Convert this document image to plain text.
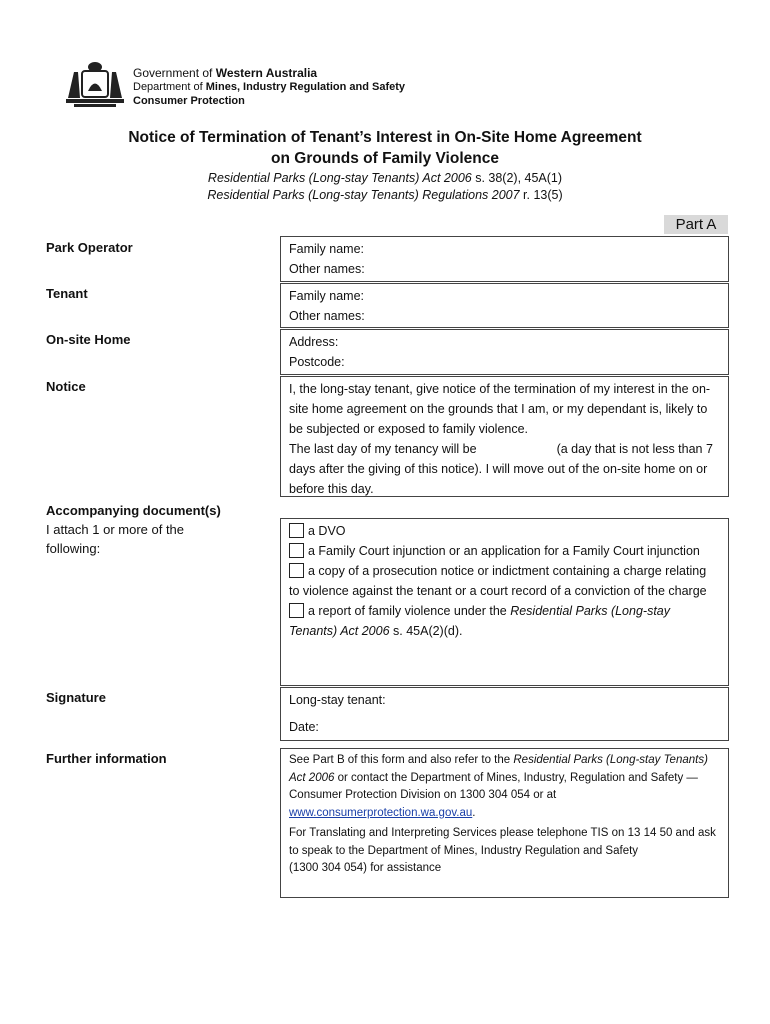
Government of Western Australia
Department of Mines, Industry Regulation and Safety
Consumer Protection
Notice of Termination of Tenant’s Interest in On-Site Home Agreement
on Grounds of Family Violence
Residential Parks (Long-stay Tenants) Act 2006 s. 38(2), 45A(1)
Residential Parks (Long-stay Tenants) Regulations 2007 r. 13(5)
Part A
Park Operator	Family name:

Other names:

Tenant	Family name:

Other names:

On-site Home	Address:

Postcode:

Notice	I, the long-stay tenant, give notice of the termination of my interest in the on-site home agreement on the grounds that I am, or my dependant is, likely to be subjected or exposed to family violence.

The last day of my tenancy will be	(a day that is not less than 7 days after the giving of this notice). I will move out of the on-site home on or before this day.

Accompanying document(s)
I attach 1 or more of the following:

a DVO

a Family Court injunction or an application for a Family Court injunction

a copy of a prosecution notice or indictment containing a charge relating to violence against the tenant or a court record of a conviction of the charge

a report of family violence under the Residential Parks (Long-stay Tenants) Act 2006 s. 45A(2)(d).

Signature	Long-stay tenant:

Date:

Further information	See Part B of this form and also refer to the Residential Parks (Long-stay Tenants) Act 2006 or contact the Department of Mines, Industry, Regulation and Safety — Consumer Protection Division on 1300 304 054 or at www.consumerprotection.wa.gov.au.

For Translating and Interpreting Services please telephone TIS on 13 14 50 and ask to speak to the Department of Mines, Industry Regulation and Safety

(1300 304 054) for assistance
